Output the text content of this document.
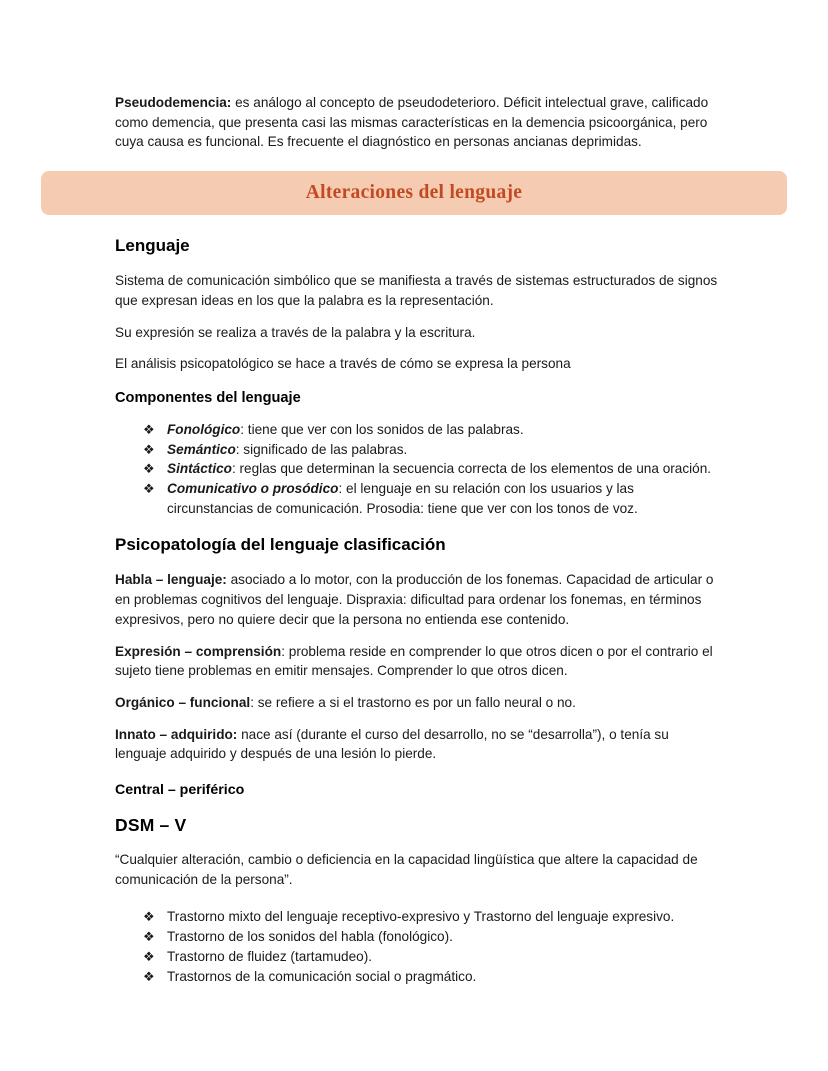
Pseudodemencia: es análogo al concepto de pseudodeterioro. Déficit intelectual grave, calificado como demencia, que presenta casi las mismas características en la demencia psicoorgánica, pero cuya causa es funcional. Es frecuente el diagnóstico en personas ancianas deprimidas.

Alteraciones del lenguaje
Lenguaje

Sistema de comunicación simbólico que se manifiesta a través de sistemas estructurados de signos que expresan ideas en los que la palabra es la representación.

Su expresión se realiza a través de la palabra y la escritura.

El análisis psicopatológico se hace a través de cómo se expresa la persona

Componentes del lenguaje
❖ Fonológico: tiene que ver con los sonidos de las palabras.
❖ Semántico: significado de las palabras.
❖ Sintáctico: reglas que determinan la secuencia correcta de los elementos de una oración.
❖ Comunicativo o prosódico: el lenguaje en su relación con los usuarios y las circunstancias de comunicación. Prosodia: tiene que ver con los tonos de voz.
Psicopatología del lenguaje clasificación

Habla – lenguaje: asociado a lo motor, con la producción de los fonemas. Capacidad de articular o en problemas cognitivos del lenguaje. Dispraxia: dificultad para ordenar los fonemas, en términos expresivos, pero no quiere decir que la persona no entienda ese contenido.

Expresión – comprensión: problema reside en comprender lo que otros dicen o por el contrario el sujeto tiene problemas en emitir mensajes. Comprender lo que otros dicen.

Orgánico – funcional: se refiere a si el trastorno es por un fallo neural o no.

Innato – adquirido: nace así (durante el curso del desarrollo, no se “desarrolla”), o tenía su lenguaje adquirido y después de una lesión lo pierde.

Central – periférico
DSM – V

“Cualquier alteración, cambio o deficiencia en la capacidad lingüística que altere la capacidad de comunicación de la persona”.

❖ Trastorno mixto del lenguaje receptivo-expresivo y Trastorno del lenguaje expresivo.
❖ Trastorno de los sonidos del habla (fonológico).
❖ Trastorno de fluidez (tartamudeo).
❖ Trastornos de la comunicación social o pragmático.
